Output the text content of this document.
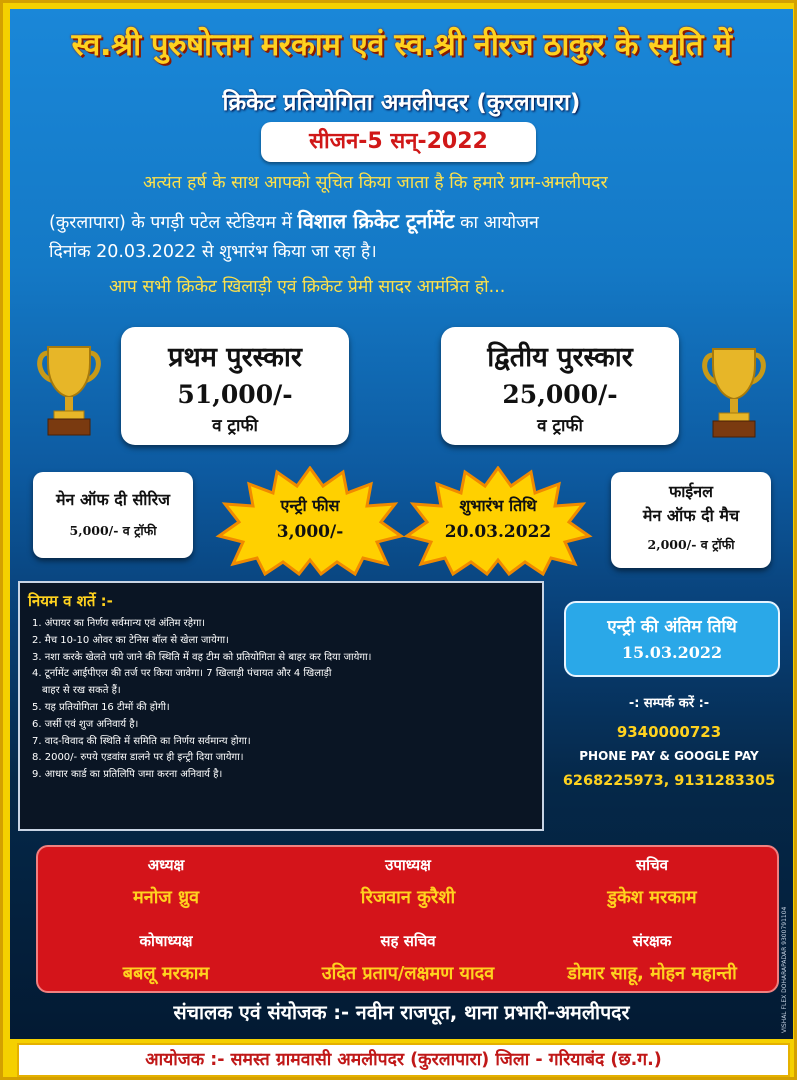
स्व.श्री पुरुषोत्तम मरकाम एवं स्व.श्री नीरज ठाकुर के स्मृति में
क्रिकेट प्रतियोगिता अमलीपदर (कुरलापारा)
सीजन-5 सन्-2022
अत्यंत हर्ष के साथ आपको सूचित किया जाता है कि हमारे ग्राम-अमलीपदर
(कुरलापारा) के पगड़ी पटेल स्टेडियम में विशाल क्रिकेट टूर्नामेंट का आयोजन
दिनांक 20.03.2022 से शुभारंभ किया जा रहा है।
आप सभी क्रिकेट खिलाड़ी एवं क्रिकेट प्रेमी सादर आमंत्रित हो...
प्रथम पुरस्कार
51,000/-
व ट्राफी
द्वितीय पुरस्कार
25,000/-
व ट्राफी
मेन ऑफ दी सीरिज
5,000/- व ट्रॉफी
एन्ट्री फीस
3,000/-
शुभारंभ तिथि
20.03.2022
फाईनल
मेन ऑफ दी मैच
2,000/- व ट्रॉफी
नियम व शर्ते :-
1. अंपायर का निर्णय सर्वमान्य एवं अंतिम रहेगा।
2. मैच 10-10 ओवर का टेनिस बॉल से खेला जायेगा।
3. नशा करके खेलते पाये जाने की स्थिति में वह टीम को प्रतियोगिता से बाहर कर दिया जायेगा।
4. टूर्नामेंट आईपीएल की तर्ज पर किया जावेगा। 7 खिलाड़ी पंचायत और 4 खिलाड़ी
बाहर से रख सकते हैं।
5. यह प्रतियोगिता 16 टीमों की होगी।
6. जर्सी एवं शुज अनिवार्य है।
7. वाद-विवाद की स्थिति में समिति का निर्णय सर्वमान्य होगा।
8. 2000/- रुपये एडवांस डालने पर ही इन्ट्री दिया जायेगा।
9. आधार कार्ड का प्रतिलिपि जमा करना अनिवार्य है।
एन्ट्री की अंतिम तिथि
15.03.2022
-: सम्पर्क करें :-
9340000723
PHONE PAY & GOOGLE PAY
6268225973, 9131283305
अध्यक्ष
मनोज ध्रुव
उपाध्यक्ष
रिजवान कुरैशी
सचिव
डुकेश मरकाम
कोषाध्यक्ष
बबलू मरकाम
सह सचिव
उदित प्रताप/लक्षमण यादव
संरक्षक
डोमार साहू, मोहन महान्ती	VISHAL FLEX DOHARAPADAR 9300791104
संचालक एवं संयोजक :- नवीन राजपूत, थाना प्रभारी-अमलीपदर
आयोजक :- समस्त ग्रामवासी अमलीपदर (कुरलापारा) जिला - गरियाबंद (छ.ग.)
